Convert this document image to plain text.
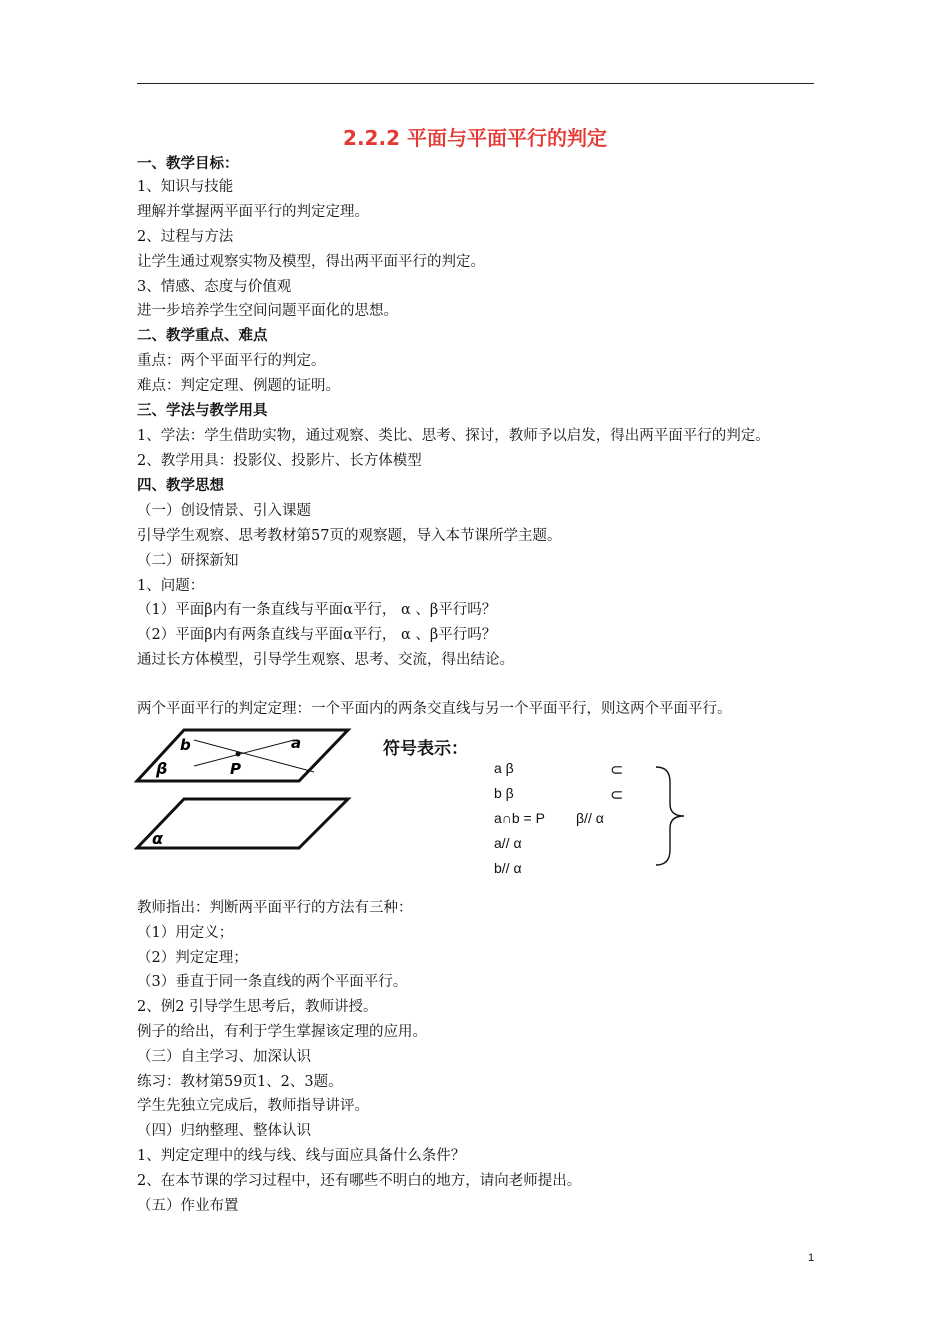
2.2.2 平面与平面平行的判定
一、教学目标：
1、知识与技能
理解并掌握两平面平行的判定定理。
2、过程与方法
让学生通过观察实物及模型，得出两平面平行的判定。
3、情感、态度与价值观
进一步培养学生空间问题平面化的思想。
二、教学重点、难点
重点：两个平面平行的判定。
难点：判定定理、例题的证明。
三、学法与教学用具
1、学法：学生借助实物，通过观察、类比、思考、探讨，教师予以启发，得出两平面平行的判定。
2、教学用具：投影仪、投影片、长方体模型
四、教学思想
（一）创设情景、引入课题
引导学生观察、思考教材第57页的观察题，导入本节课所学主题。
（二）研探新知
1、问题：
（1）平面β内有一条直线与平面α平行， α 、β平行吗？
（2）平面β内有两条直线与平面α平行， α 、β平行吗？
通过长方体模型，引导学生观察、思考、交流，得出结论。
两个平面平行的判定定理：一个平面内的两条交直线与另一个平面平行，则这两个平面平行。
b	a
P
β
α
符号表示：
a β
b β
a∩b = P
a// α
b// α
⊂
⊂
β// α
教师指出：判断两平面平行的方法有三种：
（1）用定义；
（2）判定定理；
（3）垂直于同一条直线的两个平面平行。
2、例2 引导学生思考后，教师讲授。
例子的给出，有利于学生掌握该定理的应用。
（三）自主学习、加深认识
练习：教材第59页1、2、3题。
学生先独立完成后，教师指导讲评。
（四）归纳整理、整体认识
1、判定定理中的线与线、线与面应具备什么条件？
2、在本节课的学习过程中，还有哪些不明白的地方，请向老师提出。
（五）作业布置
1
